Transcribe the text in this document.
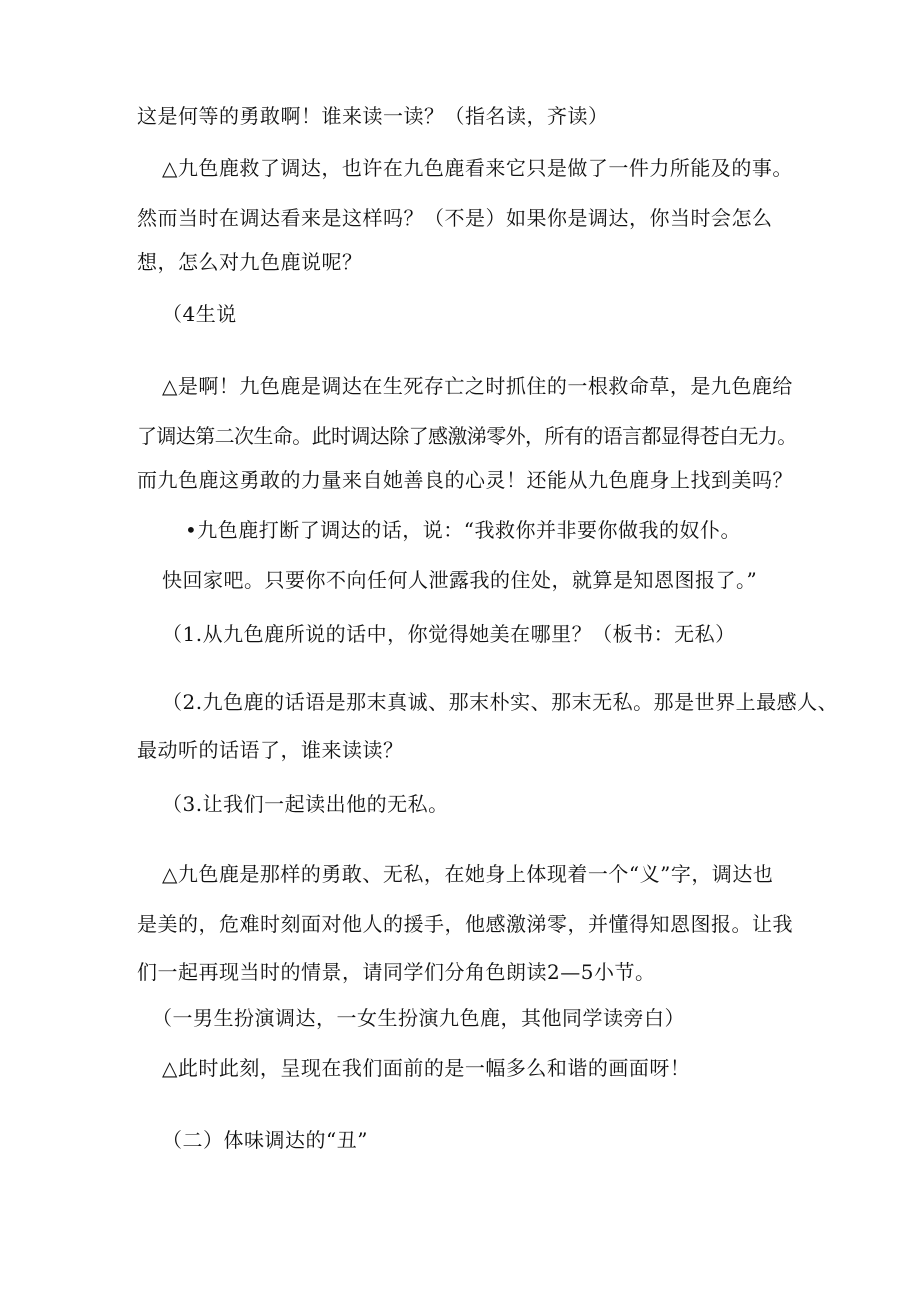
这是何等的勇敢啊！谁来读一读？（指名读，齐读）
△九色鹿救了调达，也许在九色鹿看来它只是做了一件力所能及的事。
然而当时在调达看来是这样吗？（不是）如果你是调达，你当时会怎么
想，怎么对九色鹿说呢？
（4生说
△是啊！九色鹿是调达在生死存亡之时抓住的一根救命草，是九色鹿给
了调达第二次生命。此时调达除了感激涕零外，所有的语言都显得苍白无力。
而九色鹿这勇敢的力量来自她善良的心灵！还能从九色鹿身上找到美吗？
•九色鹿打断了调达的话，说：“我救你并非要你做我的奴仆。
快回家吧。只要你不向任何人泄露我的住处，就算是知恩图报了。”
（1.从九色鹿所说的话中，你觉得她美在哪里？（板书：无私）
（2.九色鹿的话语是那末真诚、那末朴实、那末无私。那是世界上最感人、
最动听的话语了，谁来读读？
（3.让我们一起读出他的无私。
△九色鹿是那样的勇敢、无私，在她身上体现着一个“义”字，调达也
是美的，危难时刻面对他人的援手，他感激涕零，并懂得知恩图报。让我
们一起再现当时的情景，请同学们分角色朗读2—5小节。
（一男生扮演调达，一女生扮演九色鹿，其他同学读旁白）
△此时此刻，呈现在我们面前的是一幅多么和谐的画面呀！
（二）体味调达的“丑”
